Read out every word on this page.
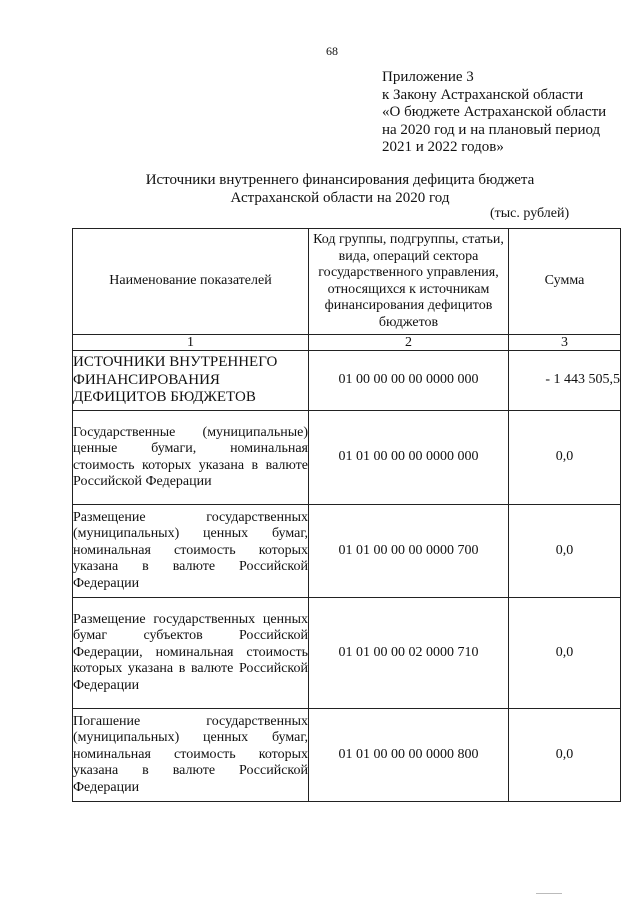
68
Приложение 3
к Закону Астраханской области
«О бюджете Астраханской области
на 2020 год и на плановый период
2021 и 2022 годов»
Источники внутреннего финансирования дефицита бюджета
Астраханской области на 2020 год
(тыс. рублей)
Наименование показателей	Код группы, подгруппы, статьи, вида, операций сектора государственного управления, относящихся к источникам финансирования дефицитов бюджетов	Сумма
1	2	3
ИСТОЧНИКИ ВНУТРЕННЕГО ФИНАНСИРОВАНИЯ ДЕФИЦИТОВ БЮДЖЕТОВ	01 00 00 00 00 0000 000	- 1 443 505,5
Государственные (муниципальные) ценные бумаги, номинальная стоимость которых указана в валюте Российской Федерации	01 01 00 00 00 0000 000	0,0
Размещение государственных (муниципальных) ценных бумаг, номинальная стоимость которых указана в валюте Российской Федерации	01 01 00 00 00 0000 700	0,0
Размещение государственных ценных бумаг субъектов Российской Федерации, номинальная стоимость которых указана в валюте Российской Федерации	01 01 00 00 02 0000 710	0,0
Погашение государственных (муниципальных) ценных бумаг, номинальная стоимость которых указана в валюте Российской Федерации	01 01 00 00 00 0000 800	0,0
